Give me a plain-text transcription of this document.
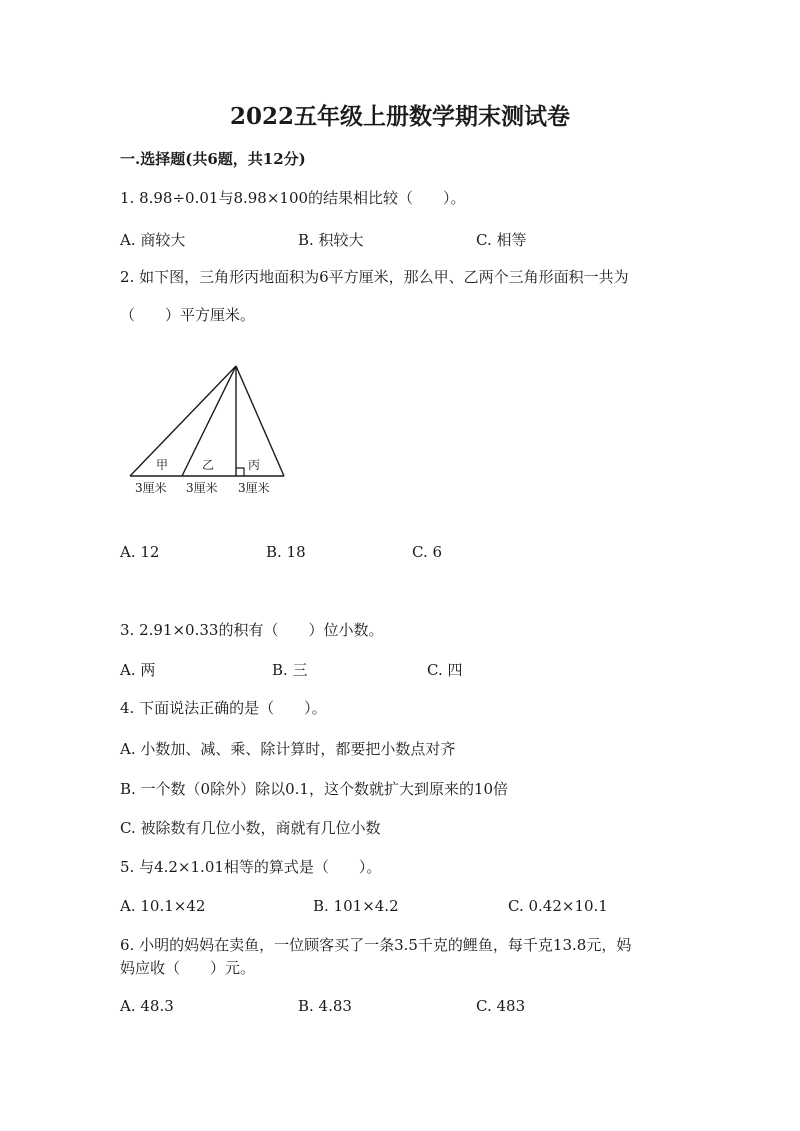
2022五年级上册数学期末测试卷
一.选择题(共6题，共12分)
1. 8.98÷0.01与8.98×100的结果相比较（　　）。
A. 商较大	B. 积较大	C. 相等
2. 如下图，三角形丙地面积为6平方厘米，那么甲、乙两个三角形面积一共为
（　　）平方厘米。
甲	乙	丙
3厘米 3厘米 3厘米
A. 12	B. 18	C. 6
3. 2.91×0.33的积有（　　）位小数。
A. 两	B. 三	C. 四
4. 下面说法正确的是（　　）。
A. 小数加、减、乘、除计算时，都要把小数点对齐
B. 一个数（0除外）除以0.1，这个数就扩大到原来的10倍
C. 被除数有几位小数，商就有几位小数
5. 与4.2×1.01相等的算式是（　　）。
A. 10.1×42	B. 101×4.2	C. 0.42×10.1
6. 小明的妈妈在卖鱼，一位顾客买了一条3.5千克的鲤鱼，每千克13.8元，妈
妈应收（　　）元。
A. 48.3	B. 4.83	C. 483
